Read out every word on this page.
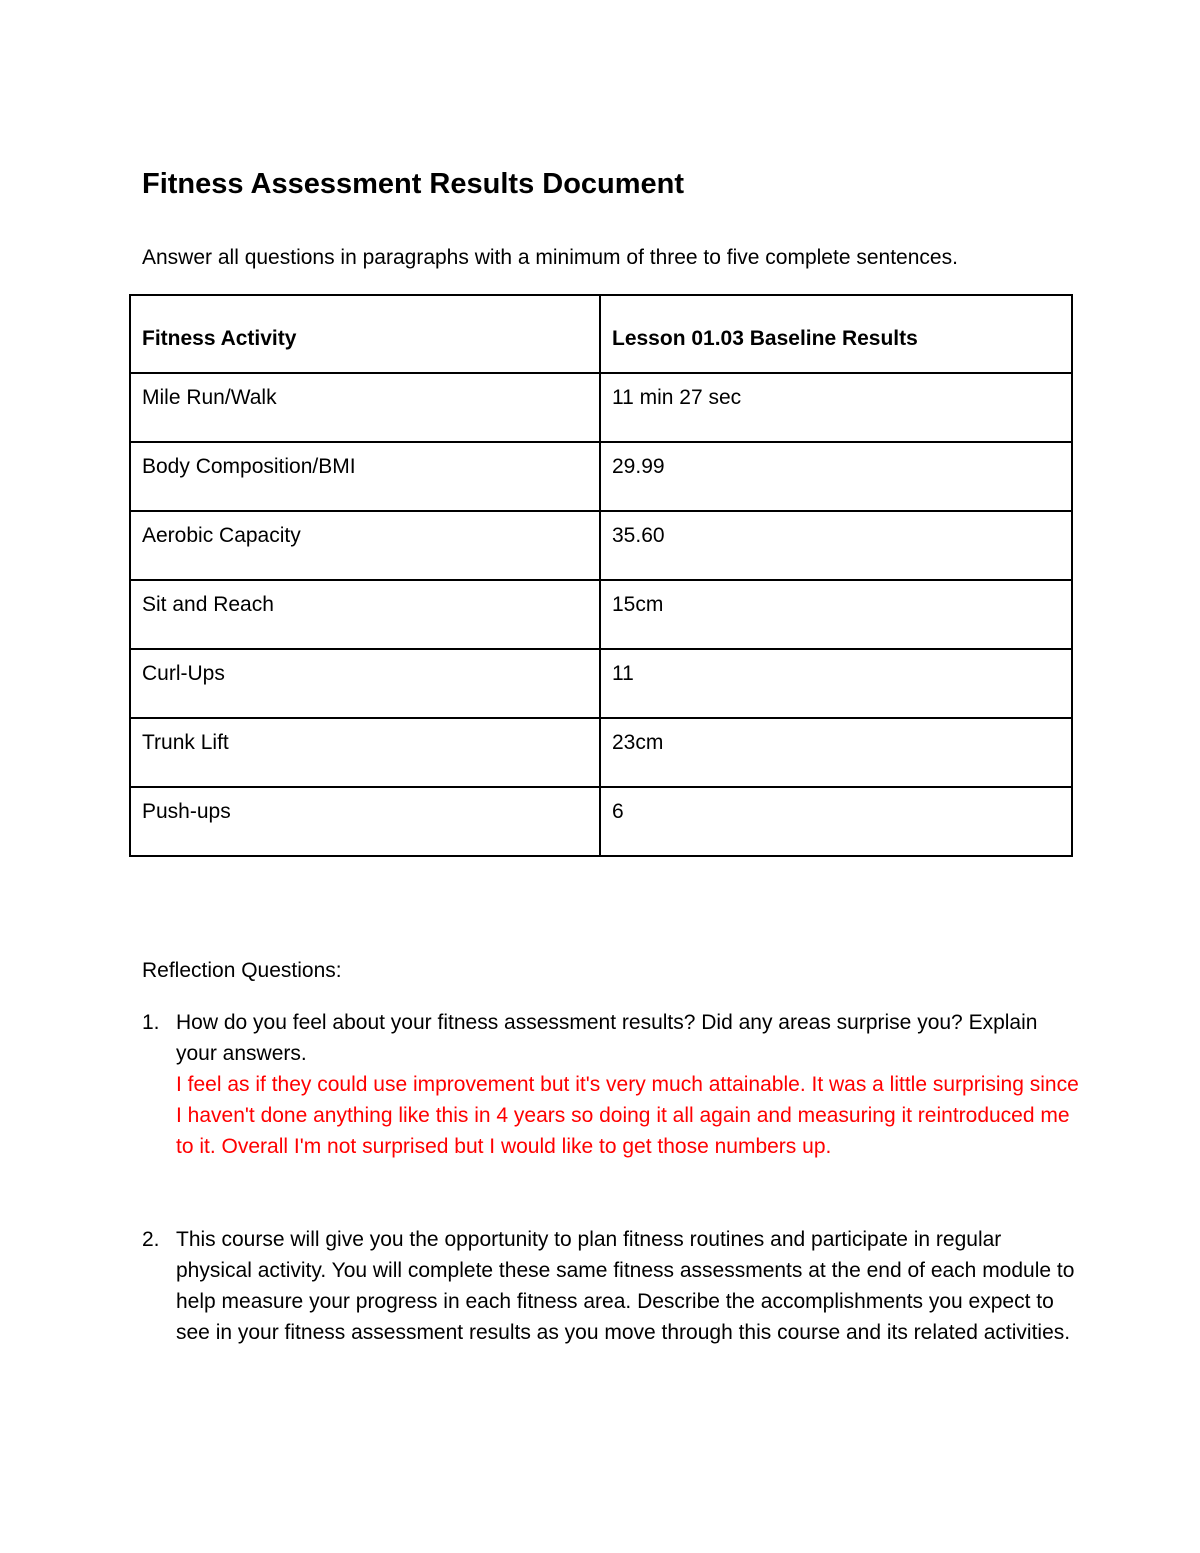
Fitness Assessment Results Document
Answer all questions in paragraphs with a minimum of three to five complete sentences.
Fitness Activity	Lesson 01.03 Baseline Results
Mile Run/Walk	11 min 27 sec
Body Composition/BMI	29.99
Aerobic Capacity	35.60
Sit and Reach	15cm
Curl-Ups	11
Trunk Lift	23cm
Push-ups	6
Reflection Questions:
1. How do you feel about your fitness assessment results? Did any areas surprise you? Explain your answers.
I feel as if they could use improvement but it's very much attainable. It was a little surprising since I haven't done anything like this in 4 years so doing it all again and measuring it reintroduced me to it. Overall I'm not surprised but I would like to get those numbers up.
2. This course will give you the opportunity to plan fitness routines and participate in regular physical activity. You will complete these same fitness assessments at the end of each module to help measure your progress in each fitness area. Describe the accomplishments you expect to see in your fitness assessment results as you move through this course and its related activities.
